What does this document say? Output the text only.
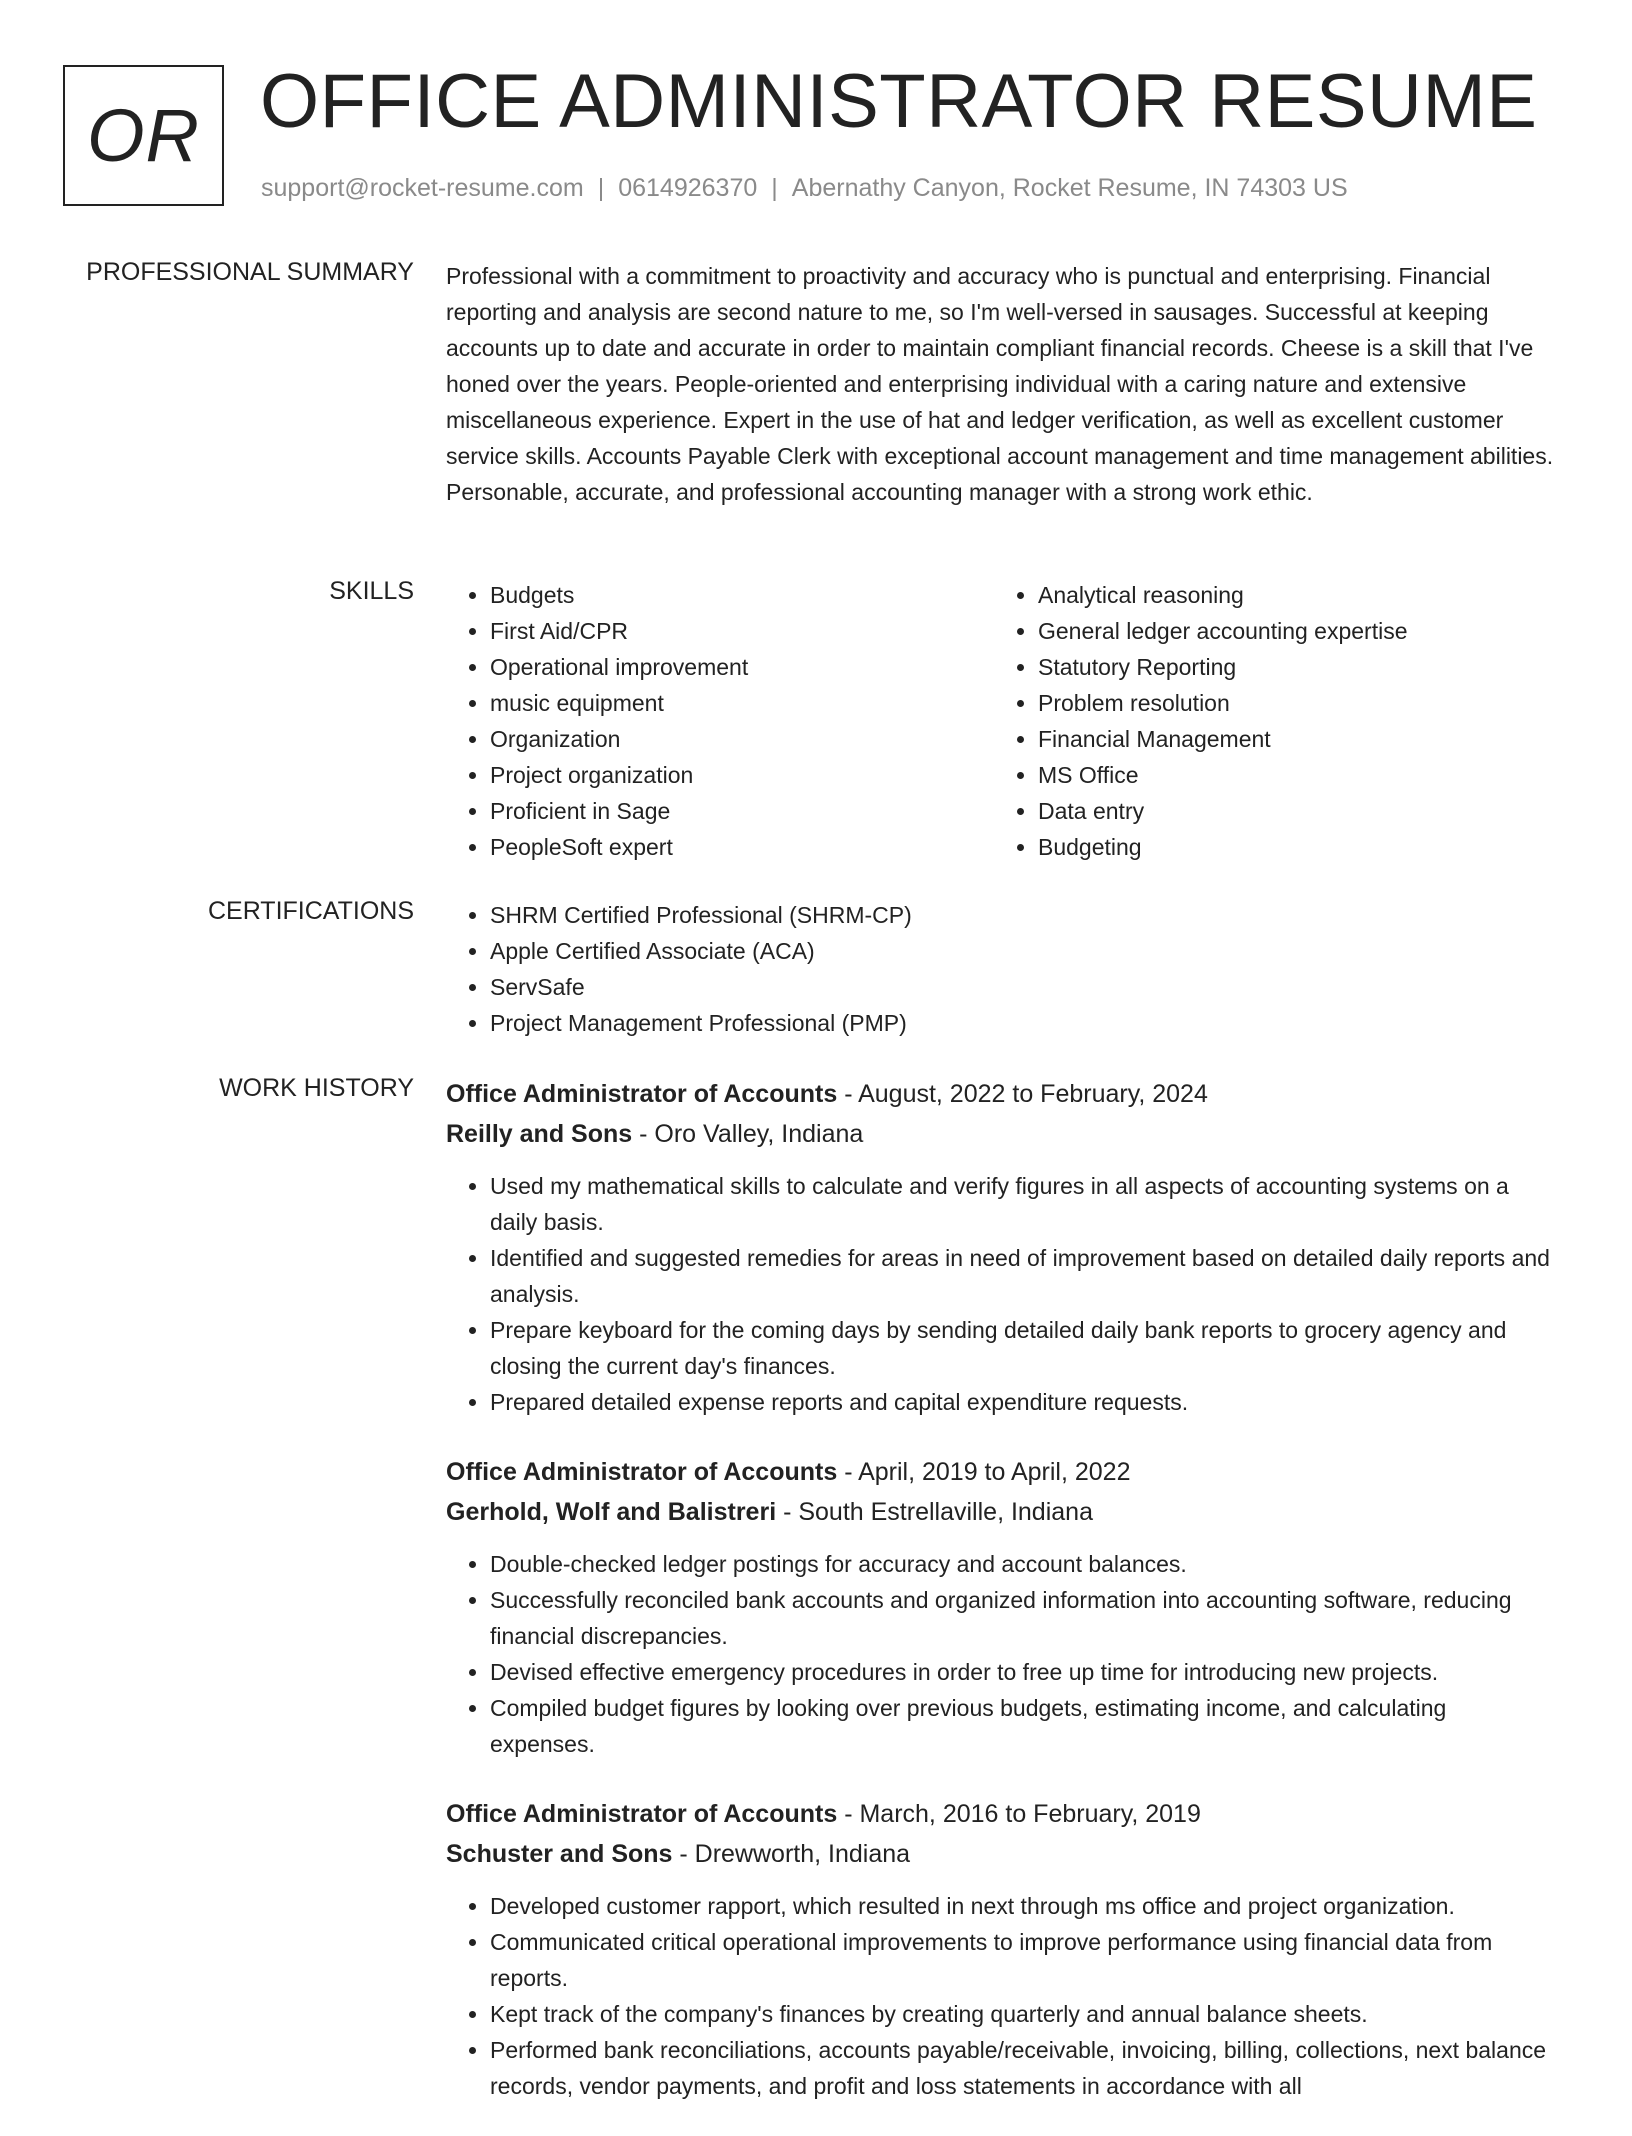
OR OFFICE ADMINISTRATOR RESUME
support@rocket-resume.com | 0614926370 | Abernathy Canyon, Rocket Resume, IN 74303 US
PROFESSIONAL SUMMARY Professional with a commitment to proactivity and accuracy who is punctual and enterprising. Financial reporting and analysis are second nature to me, so I'm well-versed in sausages. Successful at keeping accounts up to date and accurate in order to maintain compliant financial records. Cheese is a skill that I've honed over the years. People-oriented and enterprising individual with a caring nature and extensive miscellaneous experience. Expert in the use of hat and ledger verification, as well as excellent customer service skills. Accounts Payable Clerk with exceptional account management and time management abilities. Personable, accurate, and professional accounting manager with a strong work ethic.

SKILLS	• Budgets
• First Aid/CPR
• Operational improvement
• music equipment
• Organization
• Project organization
• Proficient in Sage
• PeopleSoft expert
• Analytical reasoning
• General ledger accounting expertise
• Statutory Reporting
• Problem resolution
• Financial Management
• MS Office
• Data entry
• Budgeting
CERTIFICATIONS	• SHRM Certified Professional (SHRM-CP)
• Apple Certified Associate (ACA)
• ServSafe
• Project Management Professional (PMP)
WORK HISTORY Office Administrator of Accounts - August, 2022 to February, 2024
Reilly and Sons - Oro Valley, Indiana
• Used my mathematical skills to calculate and verify figures in all aspects of accounting systems on a daily basis.
• Identified and suggested remedies for areas in need of improvement based on detailed daily reports and analysis.
• Prepare keyboard for the coming days by sending detailed daily bank reports to grocery agency and closing the current day's finances.
• Prepared detailed expense reports and capital expenditure requests.
Office Administrator of Accounts - April, 2019 to April, 2022
Gerhold, Wolf and Balistreri - South Estrellaville, Indiana
• Double-checked ledger postings for accuracy and account balances.
• Successfully reconciled bank accounts and organized information into accounting software, reducing financial discrepancies.
• Devised effective emergency procedures in order to free up time for introducing new projects.
• Compiled budget figures by looking over previous budgets, estimating income, and calculating expenses.
Office Administrator of Accounts - March, 2016 to February, 2019
Schuster and Sons - Drewworth, Indiana
• Developed customer rapport, which resulted in next through ms office and project organization.
• Communicated critical operational improvements to improve performance using financial data from reports.
• Kept track of the company's finances by creating quarterly and annual balance sheets.
• Performed bank reconciliations, accounts payable/receivable, invoicing, billing, collections, next balance records, vendor payments, and profit and loss statements in accordance with all
